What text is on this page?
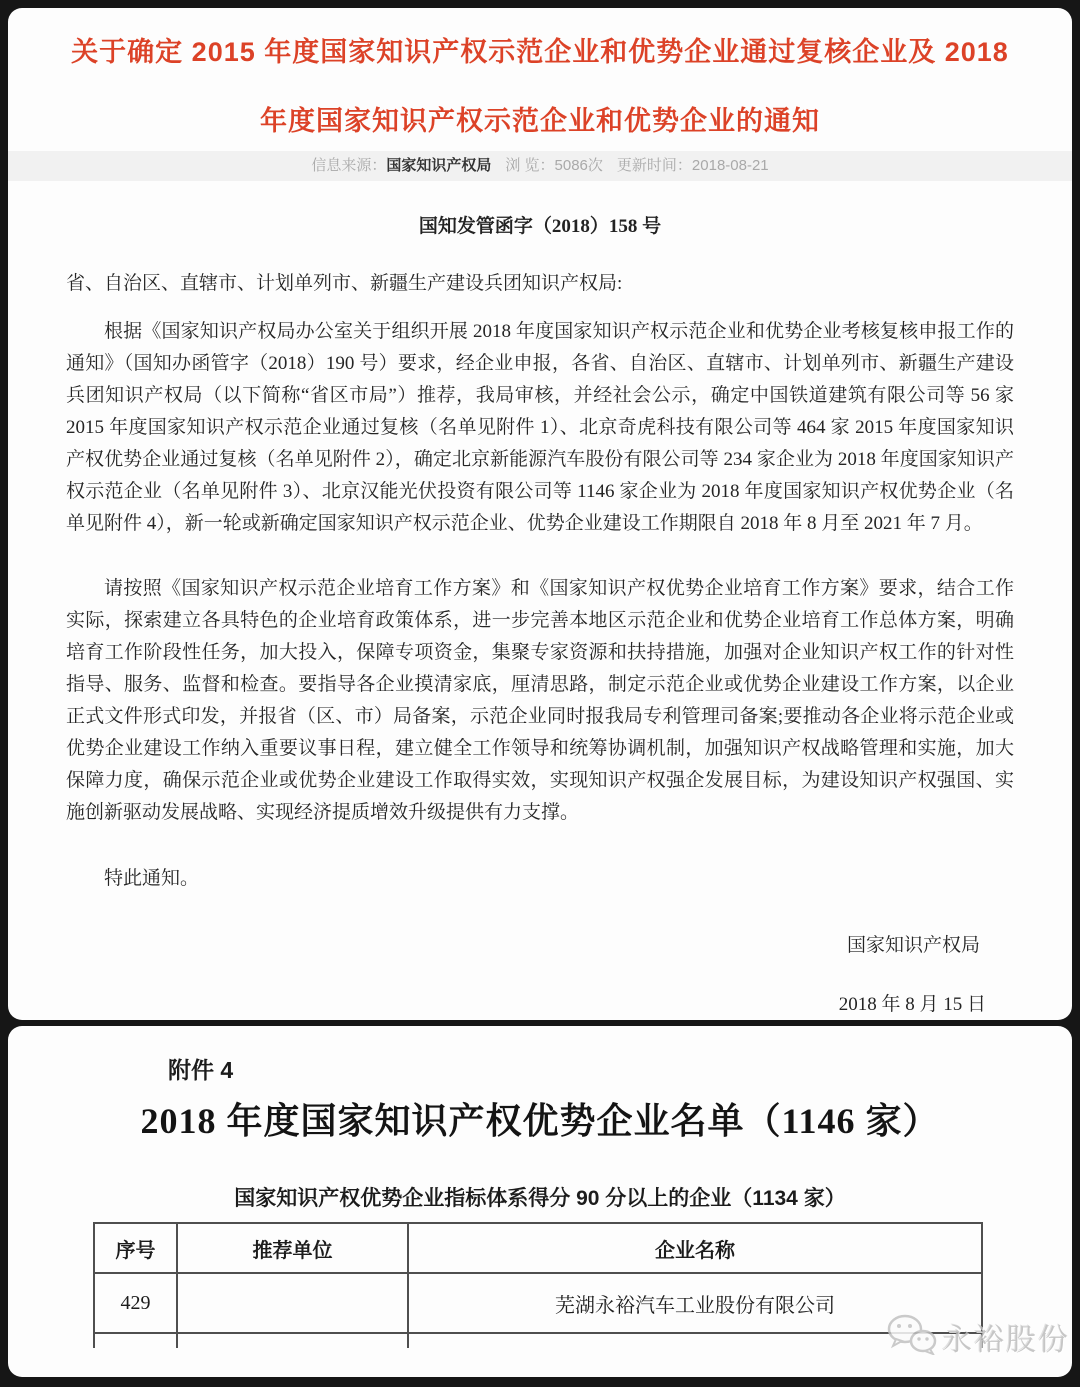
关于确定 2015 年度国家知识产权示范企业和优势企业通过复核企业及 2018
年度国家知识产权示范企业和优势企业的通知
信息来源：国家知识产权局 浏 览：5086次 更新时间：2018-08-21
国知发管函字（2018）158 号
省、自治区、直辖市、计划单列市、新疆生产建设兵团知识产权局:
根据《国家知识产权局办公室关于组织开展 2018 年度国家知识产权示范企业和优势企业考核复核申报工作的通知》（国知办函管字（2018）190 号）要求，经企业申报，各省、自治区、直辖市、计划单列市、新疆生产建设兵团知识产权局（以下简称“省区市局”）推荐，我局审核，并经社会公示，确定中国铁道建筑有限公司等 56 家 2015 年度国家知识产权示范企业通过复核（名单见附件 1）、北京奇虎科技有限公司等 464 家 2015 年度国家知识产权优势企业通过复核（名单见附件 2），确定北京新能源汽车股份有限公司等 234 家企业为 2018 年度国家知识产权示范企业（名单见附件 3）、北京汉能光伏投资有限公司等 1146 家企业为 2018 年度国家知识产权优势企业（名单见附件 4），新一轮或新确定国家知识产权示范企业、优势企业建设工作期限自 2018 年 8 月至 2021 年 7 月。
请按照《国家知识产权示范企业培育工作方案》和《国家知识产权优势企业培育工作方案》要求，结合工作实际，探索建立各具特色的企业培育政策体系，进一步完善本地区示范企业和优势企业培育工作总体方案，明确培育工作阶段性任务，加大投入，保障专项资金，集聚专家资源和扶持措施，加强对企业知识产权工作的针对性指导、服务、监督和检查。要指导各企业摸清家底，厘清思路，制定示范企业或优势企业建设工作方案，以企业正式文件形式印发，并报省（区、市）局备案，示范企业同时报我局专利管理司备案;要推动各企业将示范企业或优势企业建设工作纳入重要议事日程，建立健全工作领导和统筹协调机制，加强知识产权战略管理和实施，加大保障力度，确保示范企业或优势企业建设工作取得实效，实现知识产权强企发展目标，为建设知识产权强国、实施创新驱动发展战略、实现经济提质增效升级提供有力支撑。
特此通知。
国家知识产权局
2018 年 8 月 15 日
附件 4
2018 年度国家知识产权优势企业名单（1146 家）
国家知识产权优势企业指标体系得分 90 分以上的企业（1134 家）
序号	推荐单位	企业名称
429		芜湖永裕汽车工业股份有限公司

永裕股份
